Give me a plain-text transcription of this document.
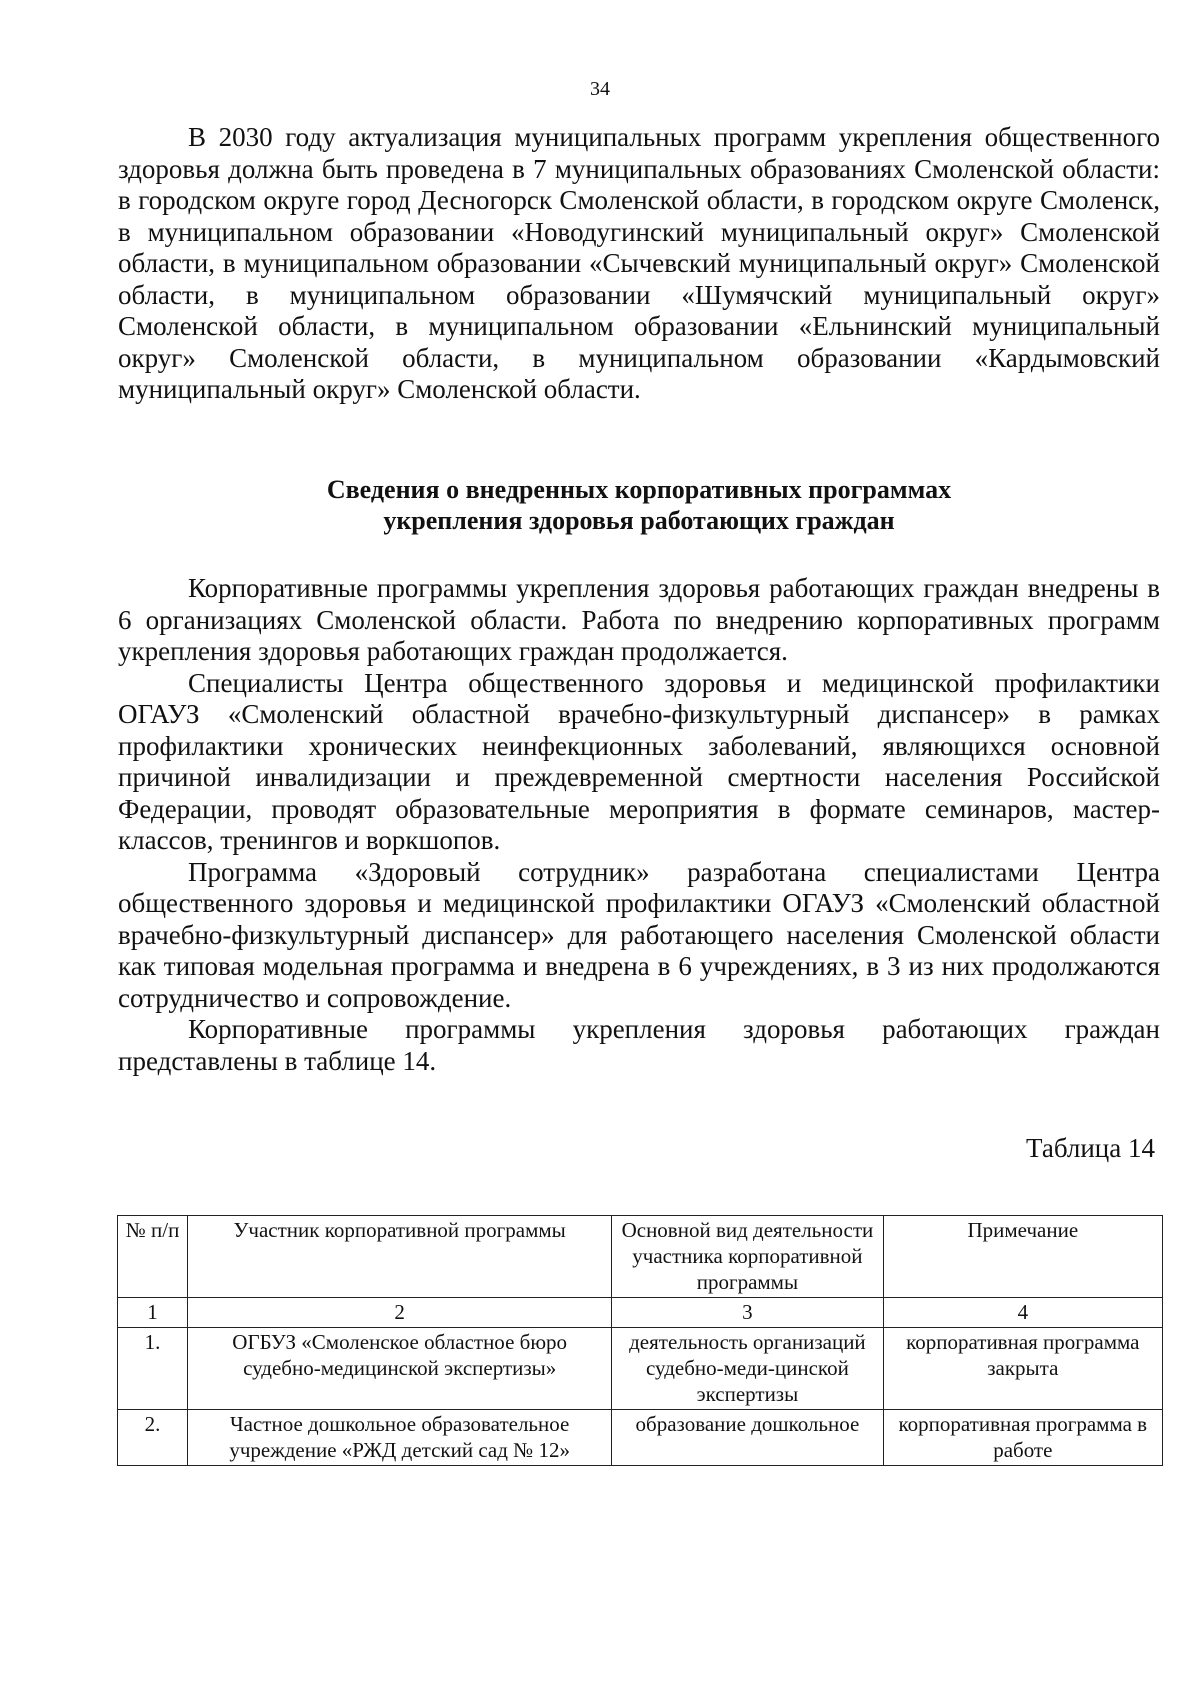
34

В 2030 году актуализация муниципальных программ укрепления общественного здоровья должна быть проведена в 7 муниципальных образованиях Смоленской области: в городском округе город Десногорск Смоленской области, в городском округе Смоленск, в муниципальном образовании «Новодугинский муниципальный округ» Смоленской области, в муниципальном образовании «Сычевский муниципальный округ» Смоленской области, в муниципальном образовании «Шумячский муниципальный округ» Смоленской области, в муниципальном образовании «Ельнинский муниципальный округ» Смоленской области, в муниципальном образовании «Кардымовский муниципальный округ» Смоленской области.

Сведения о внедренных корпоративных программах
укрепления здоровья работающих граждан

Корпоративные программы укрепления здоровья работающих граждан внедрены в 6 организациях Смоленской области. Работа по внедрению корпоративных программ укрепления здоровья работающих граждан продолжается.

Специалисты Центра общественного здоровья и медицинской профилактики ОГАУЗ «Смоленский областной врачебно-физкультурный диспансер» в рамках профилактики хронических неинфекционных заболеваний, являющихся основной причиной инвалидизации и преждевременной смертности населения Российской Федерации, проводят образовательные мероприятия в формате семинаров, мастер-классов, тренингов и воркшопов.

Программа «Здоровый сотрудник» разработана специалистами Центра общественного здоровья и медицинской профилактики ОГАУЗ «Смоленский областной врачебно-физкультурный диспансер» для работающего населения Смоленской области как типовая модельная программа и внедрена в 6 учреждениях, в 3 из них продолжаются сотрудничество и сопровождение.

Корпоративные программы укрепления здоровья работающих граждан представлены в таблице 14.

Таблица 14
№ п/п	Участник корпоративной программы	Основной вид деятельности участника корпоративной программы	Примечание
1	2	3	4
1.	ОГБУЗ «Смоленское областное бюро судебно-медицинской экспертизы»	деятельность организаций судебно-меди-цинской экспертизы	корпоративная программа закрыта
2.	Частное дошкольное образовательное учреждение «РЖД детский сад № 12»	образование дошкольное	корпоративная программа в работе
